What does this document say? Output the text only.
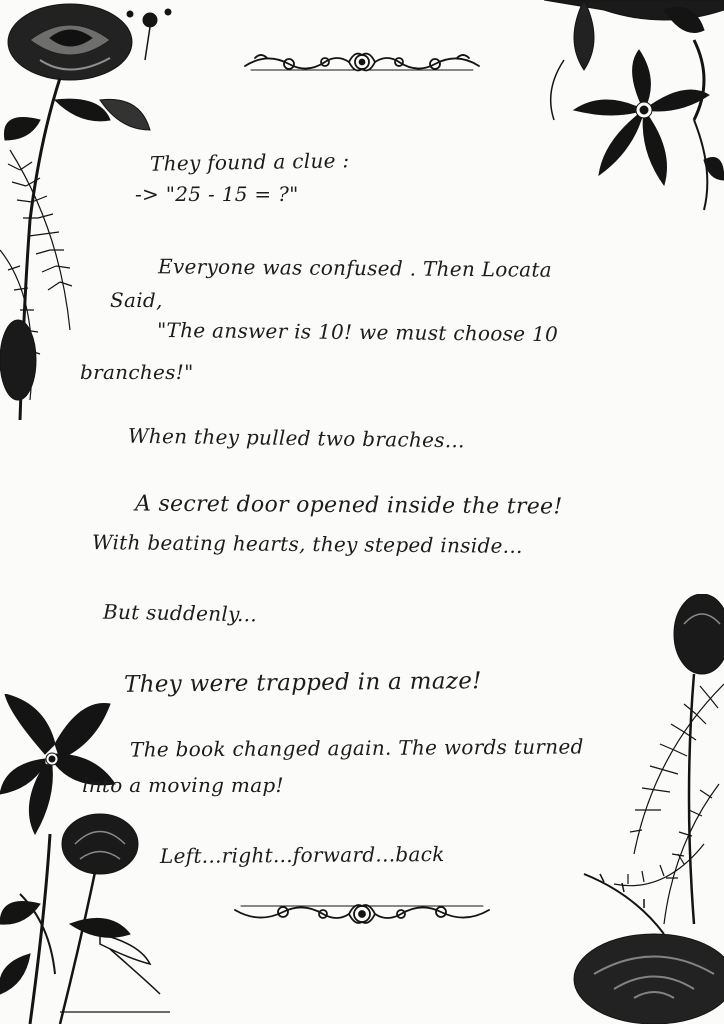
They found a clue :
-> "25 - 15 = ?"
Everyone was confused . Then Locata
Said,
"The answer is 10! we must choose 10
branches!"
When they pulled two braches...
A secret door opened inside the tree!
With beating hearts, they steped inside...
But suddenly...
They were trapped in a maze!
The book changed again. The words turned
into a moving map!
Left...right...forward...back
